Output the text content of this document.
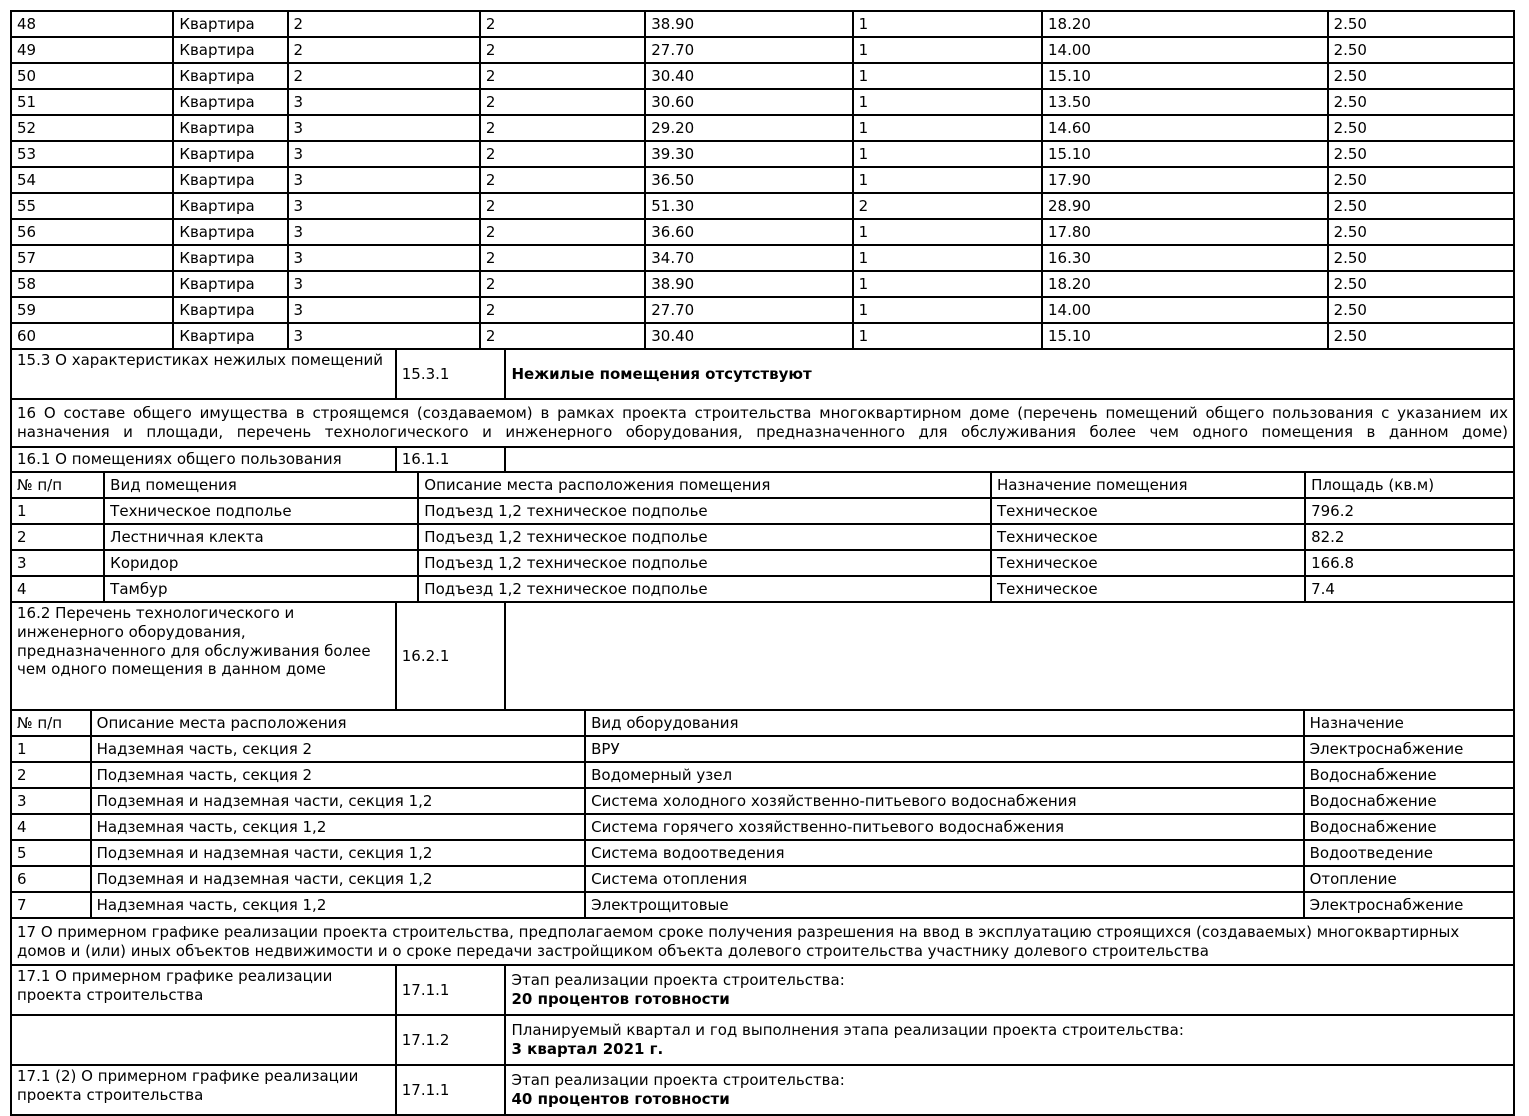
48	Квартира	2	2	38.90	1	18.20	2.50
49	Квартира	2	2	27.70	1	14.00	2.50
50	Квартира	2	2	30.40	1	15.10	2.50
51	Квартира	3	2	30.60	1	13.50	2.50
52	Квартира	3	2	29.20	1	14.60	2.50
53	Квартира	3	2	39.30	1	15.10	2.50
54	Квартира	3	2	36.50	1	17.90	2.50
55	Квартира	3	2	51.30	2	28.90	2.50
56	Квартира	3	2	36.60	1	17.80	2.50
57	Квартира	3	2	34.70	1	16.30	2.50
58	Квартира	3	2	38.90	1	18.20	2.50
59	Квартира	3	2	27.70	1	14.00	2.50
60	Квартира	3	2	30.40	1	15.10	2.50
15.3 О характеристиках нежилых помещений	15.3.1	Нежилые помещения отсутствуют
16 О составе общего имущества в строящемся (создаваемом) в рамках проекта строительства многоквартирном доме (перечень помещений общего пользования с указанием их назначения и площади, перечень технологического и инженерного оборудования, предназначенного для обслуживания более чем одного помещения в данном доме)
16.1 О помещениях общего пользования	16.1.1	
№ п/п	Вид помещения	Описание места расположения помещения	Назначение помещения	Площадь (кв.м)
1	Техническое подполье	Подъезд 1,2 техническое подполье	Техническое	796.2
2	Лестничная клекта	Подъезд 1,2 техническое подполье	Техническое	82.2
3	Коридор	Подъезд 1,2 техническое подполье	Техническое	166.8
4	Тамбур	Подъезд 1,2 техническое подполье	Техническое	7.4
16.2 Перечень технологического и инженерного оборудования, предназначенного для обслуживания более чем одного помещения в данном доме	16.2.1	
№ п/п	Описание места расположения	Вид оборудования	Назначение
1	Надземная часть, секция 2	ВРУ	Электроснабжение
2	Подземная часть, секция 2	Водомерный узел	Водоснабжение
3	Подземная и надземная части, секция 1,2	Система холодного хозяйственно-питьевого водоснабжения	Водоснабжение
4	Надземная часть, секция 1,2	Система горячего хозяйственно-питьевого водоснабжения	Водоснабжение
5	Подземная и надземная части, секция 1,2	Система водоотведения	Водоотведение
6	Подземная и надземная части, секция 1,2	Система отопления	Отопление
7	Надземная часть, секция 1,2	Электрощитовые	Электроснабжение
17 О примерном графике реализации проекта строительства, предполагаемом сроке получения разрешения на ввод в эксплуатацию строящихся (создаваемых) многоквартирных домов и (или) иных объектов недвижимости и о сроке передачи застройщиком объекта долевого строительства участнику долевого строительства
17.1 О примерном графике реализации проекта строительства	17.1.1	Этап реализации проекта строительства:
20 процентов готовности

	17.1.2	Планируемый квартал и год выполнения этапа реализации проекта строительства:
3 квартал 2021 г.

17.1 (2) О примерном графике реализации проекта строительства	17.1.1	Этап реализации проекта строительства:
40 процентов готовности
